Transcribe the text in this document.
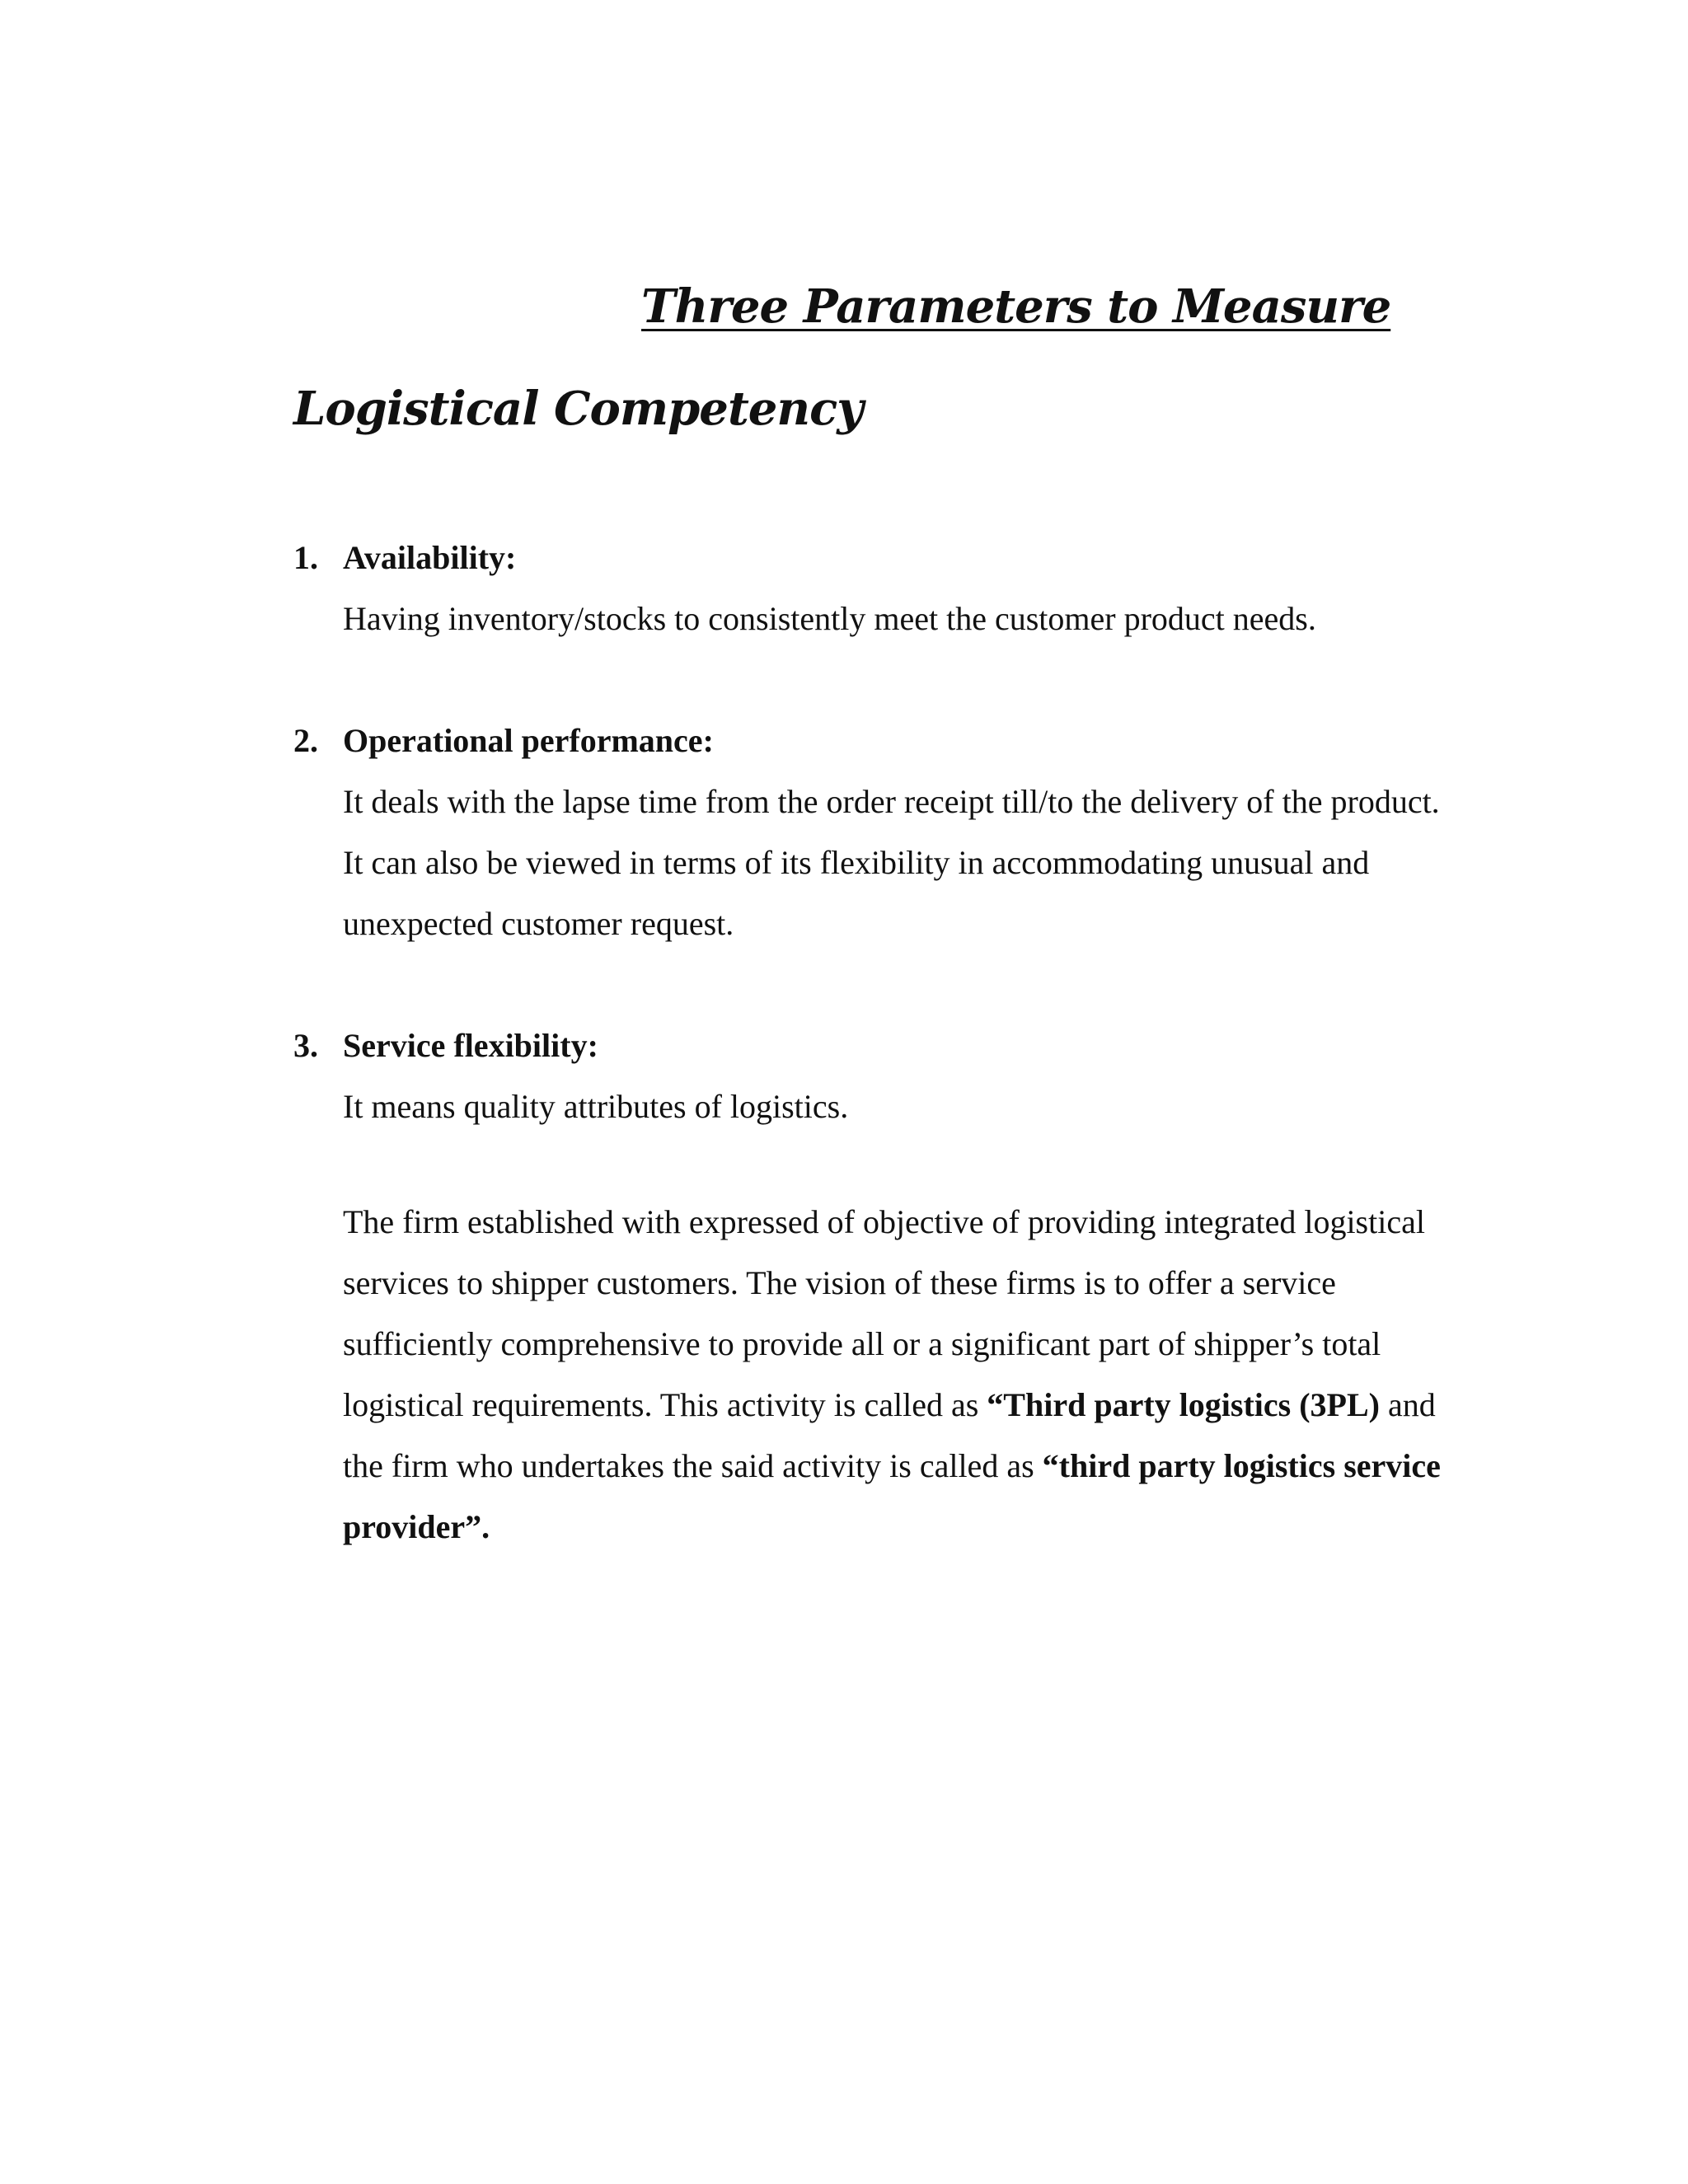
Three Parameters to Measure
Logistical Competency
1. Availability:
Having inventory/stocks to consistently meet the customer product needs.
2. Operational performance:
It deals with the lapse time from the order receipt till/to the delivery of the product. It can also be viewed in terms of its flexibility in accommodating unusual and unexpected customer request.
3. Service flexibility:
It means quality attributes of logistics.

The firm established with expressed of objective of providing integrated logistical services to shipper customers. The vision of these firms is to offer a service sufficiently comprehensive to provide all or a significant part of shipper’s total logistical requirements. This activity is called as “Third party logistics (3PL) and the firm who undertakes the said activity is called as “third party logistics service provider”.
